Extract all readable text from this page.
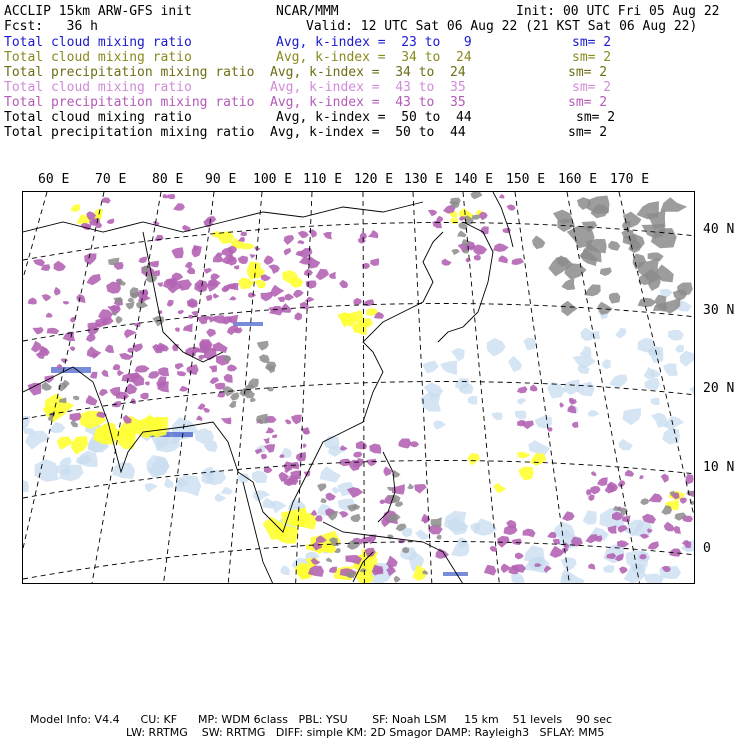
ACCLIP 15km ARW-GFS init	NCAR/MMM	Init: 00 UTC Fri 05 Aug 22
Fcst:   36 h	Valid: 12 UTC Sat 06 Aug 22 (21 KST Sat 06 Aug 22)
Total cloud mixing ratio	Avg, k-index =  23 to   9	sm= 2
Total cloud mixing ratio	Avg, k-index =  34 to  24	sm= 2
Total precipitation mixing ratio Avg, k-index =  34 to  24	sm= 2
Total cloud mixing ratio	Avg, k-index =  43 to  35	sm= 2
Total precipitation mixing ratio Avg, k-index =  43 to  35	sm= 2
Total cloud mixing ratio	Avg, k-index =  50 to  44	sm= 2
Total precipitation mixing ratio Avg, k-index =  50 to  44	sm= 2
60 E 70 E 80 E 90 E 100 E 110 E 120 E 130 E 140 E 150 E 160 E 170 E
40 N
30 N
20 N
10 N
0
Model Info: V4.4      CU: KF      MP: WDM 6class   PBL: YSU       SF: Noah LSM     15 km    51 levels    90 sec
LW: RRTMG    SW: RRTMG   DIFF: simple KM: 2D Smagor DAMP: Rayleigh3   SFLAY: MM5
